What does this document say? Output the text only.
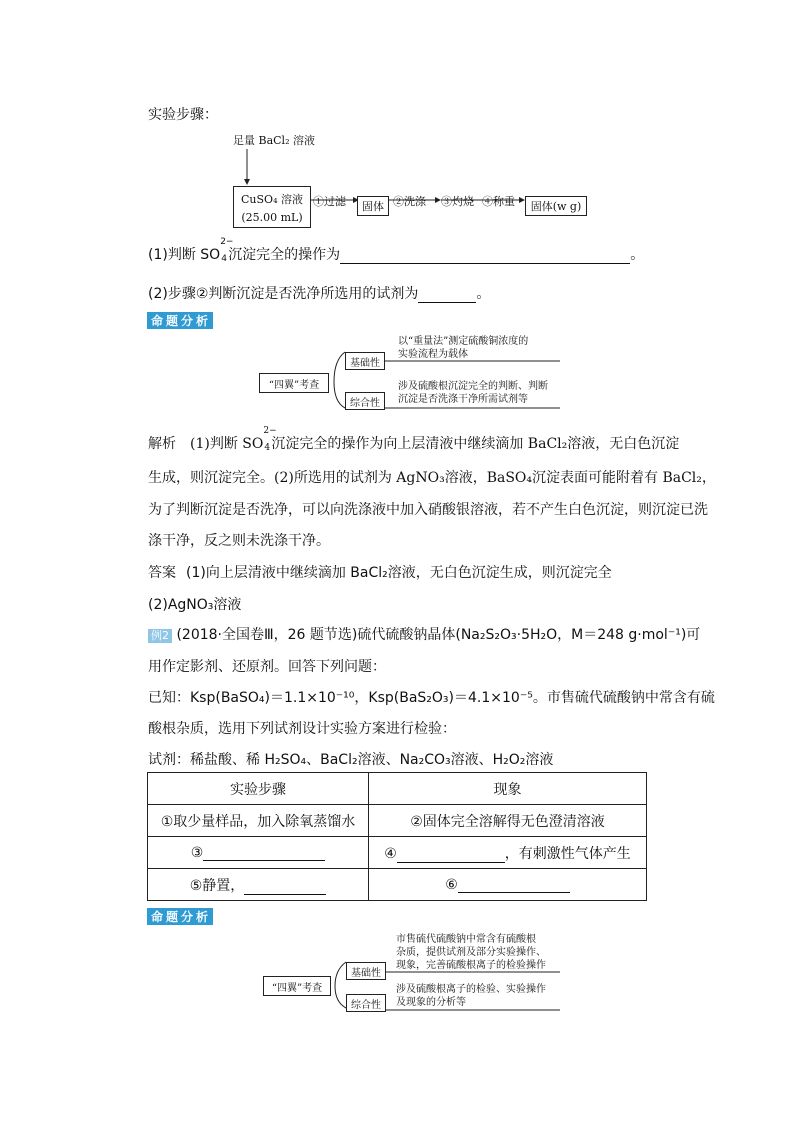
实验步骤：
足量 BaCl₂ 溶液
CuSO₄ 溶液
(25.00 mL)
①过滤	固体 ②洗涤 ③灼烧 ④称重	固体(w g)
(1)判断 SO
2−
4 沉淀完全的操作为	。
(2)步骤②判断沉淀是否洗净所选用的试剂为	。
命 题 分 析
“四翼”考查
基础性
以“重量法”测定硫酸铜浓度的
实验流程为载体
综合性
涉及硫酸根沉淀完全的判断、判断
沉淀是否洗涤干净所需试剂等
解析 (1)判断 SO
2−
4 沉淀完全的操作为向上层清液中继续滴加 BaCl₂溶液，无白色沉淀
生成，则沉淀完全。(2)所选用的试剂为 AgNO₃溶液，BaSO₄沉淀表面可能附着有 BaCl₂，
为了判断沉淀是否洗净，可以向洗涤液中加入硝酸银溶液，若不产生白色沉淀，则沉淀已洗
涤干净，反之则未洗涤干净。
答案 (1)向上层清液中继续滴加 BaCl₂溶液，无白色沉淀生成，则沉淀完全
(2)AgNO₃溶液
例2 (2018·全国卷Ⅲ，26 题节选)硫代硫酸钠晶体(Na₂S₂O₃·5H₂O，M＝248 g·mol⁻¹)可
用作定影剂、还原剂。回答下列问题：
已知：Ksp(BaSO₄)＝1.1×10⁻¹⁰，Ksp(BaS₂O₃)＝4.1×10⁻⁵。市售硫代硫酸钠中常含有硫
酸根杂质，选用下列试剂设计实验方案进行检验：
试剂：稀盐酸、稀 H₂SO₄、BaCl₂溶液、Na₂CO₃溶液、H₂O₂溶液
实验步骤	现象
①取少量样品，加入除氧蒸馏水	②固体完全溶解得无色澄清溶液
③	④ ，有刺激性气体产生
⑤静置，	⑥
命 题 分 析
“四翼”考查
基础性
市售硫代硫酸钠中常含有硫酸根
杂质，提供试剂及部分实验操作、
现象，完善硫酸根离子的检验操作
综合性
涉及硫酸根离子的检验、实验操作
及现象的分析等
